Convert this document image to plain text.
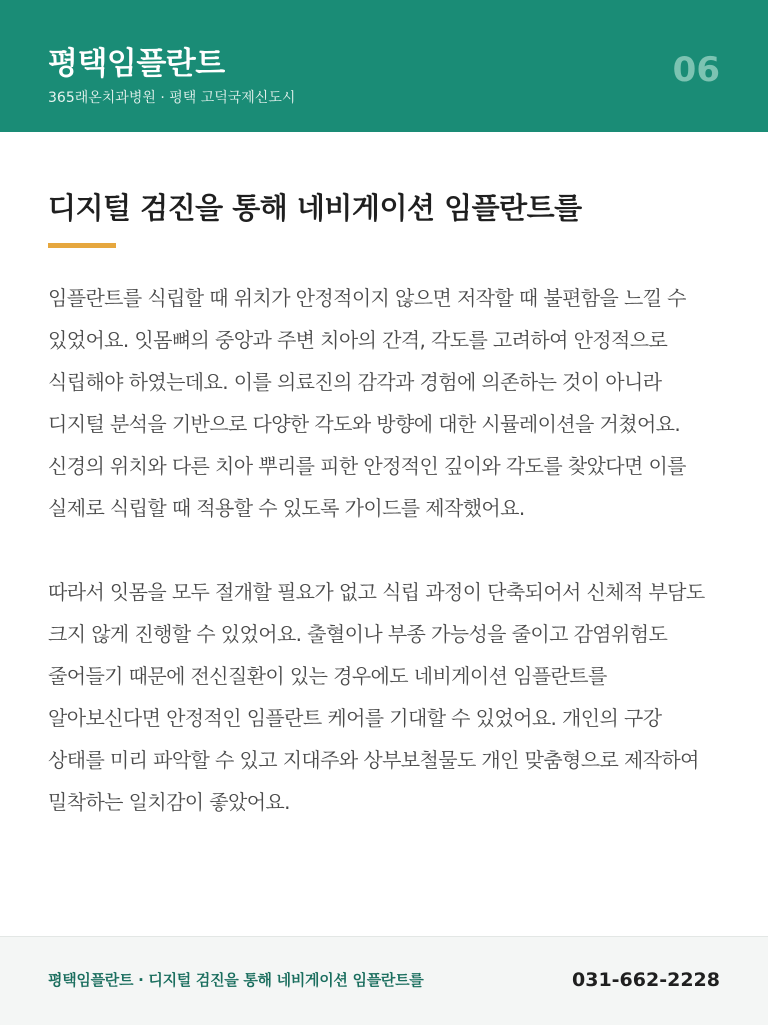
평택임플란트
365래온치과병원 · 평택 고덕국제신도시
06
디지털 검진을 통해 네비게이션 임플란트를

임플란트를 식립할 때 위치가 안정적이지 않으면 저작할 때 불편함을 느낄 수 있었어요. 잇몸뼈의 중앙과 주변 치아의 간격, 각도를 고려하여 안정적으로 식립해야 하였는데요. 이를 의료진의 감각과 경험에 의존하는 것이 아니라 디지털 분석을 기반으로 다양한 각도와 방향에 대한 시뮬레이션을 거쳤어요. 신경의 위치와 다른 치아 뿌리를 피한 안정적인 깊이와 각도를 찾았다면 이를 실제로 식립할 때 적용할 수 있도록 가이드를 제작했어요.

따라서 잇몸을 모두 절개할 필요가 없고 식립 과정이 단축되어서 신체적 부담도 크지 않게 진행할 수 있었어요. 출혈이나 부종 가능성을 줄이고 감염위험도 줄어들기 때문에 전신질환이 있는 경우에도 네비게이션 임플란트를 알아보신다면 안정적인 임플란트 케어를 기대할 수 있었어요. 개인의 구강 상태를 미리 파악할 수 있고 지대주와 상부보철물도 개인 맞춤형으로 제작하여 밀착하는 일치감이 좋았어요.

평택임플란트 · 디지털 검진을 통해 네비게이션 임플란트를	031-662-2228
